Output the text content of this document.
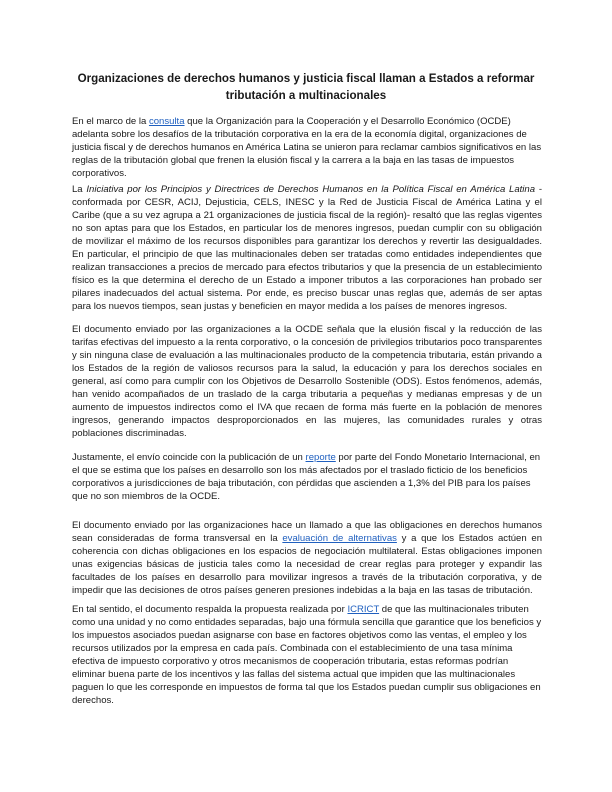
Organizaciones de derechos humanos y justicia fiscal llaman a Estados a reformar tributación a multinacionales

En el marco de la consulta que la Organización para la Cooperación y el Desarrollo Económico (OCDE) adelanta sobre los desafíos de la tributación corporativa en la era de la economía digital, organizaciones de justicia fiscal y de derechos humanos en América Latina se unieron para reclamar cambios significativos en las reglas de la tributación global que frenen la elusión fiscal y la carrera a la baja en las tasas de impuestos corporativos.

La Iniciativa por los Principios y Directrices de Derechos Humanos en la Política Fiscal en América Latina - conformada por CESR, ACIJ, Dejusticia, CELS, INESC y la Red de Justicia Fiscal de América Latina y el Caribe (que a su vez agrupa a 21 organizaciones de justicia fiscal de la región)- resaltó que las reglas vigentes no son aptas para que los Estados, en particular los de menores ingresos, puedan cumplir con su obligación de movilizar el máximo de los recursos disponibles para garantizar los derechos y revertir las desigualdades. En particular, el principio de que las multinacionales deben ser tratadas como entidades independientes que realizan transacciones a precios de mercado para efectos tributarios y que la presencia de un establecimiento físico es la que determina el derecho de un Estado a imponer tributos a las corporaciones han probado ser pilares inadecuados del actual sistema. Por ende, es preciso buscar unas reglas que, además de ser aptas para los nuevos tiempos, sean justas y beneficien en mayor medida a los países de menores ingresos.

El documento enviado por las organizaciones a la OCDE señala que la elusión fiscal y la reducción de las tarifas efectivas del impuesto a la renta corporativo, o la concesión de privilegios tributarios poco transparentes y sin ninguna clase de evaluación a las multinacionales producto de la competencia tributaria, están privando a los Estados de la región de valiosos recursos para la salud, la educación y para los derechos sociales en general, así como para cumplir con los Objetivos de Desarrollo Sostenible (ODS). Estos fenómenos, además, han venido acompañados de un traslado de la carga tributaria a pequeñas y medianas empresas y de un aumento de impuestos indirectos como el IVA que recaen de forma más fuerte en la población de menores ingresos, generando impactos desproporcionados en las mujeres, las comunidades rurales y otras poblaciones discriminadas.

Justamente, el envío coincide con la publicación de un reporte por parte del Fondo Monetario Internacional, en el que se estima que los países en desarrollo son los más afectados por el traslado ficticio de los beneficios corporativos a jurisdicciones de baja tributación, con pérdidas que ascienden a 1,3% del PIB para los países que no son miembros de la OCDE.

El documento enviado por las organizaciones hace un llamado a que las obligaciones en derechos humanos sean consideradas de forma transversal en la evaluación de alternativas y a que los Estados actúen en coherencia con dichas obligaciones en los espacios de negociación multilateral. Estas obligaciones imponen unas exigencias básicas de justicia tales como la necesidad de crear reglas para proteger y expandir las facultades de los países en desarrollo para movilizar ingresos a través de la tributación corporativa, y de impedir que las decisiones de otros países generen presiones indebidas a la baja en las tasas de tributación.

En tal sentido, el documento respalda la propuesta realizada por ICRICT de que las multinacionales tributen como una unidad y no como entidades separadas, bajo una fórmula sencilla que garantice que los beneficios y los impuestos asociados puedan asignarse con base en factores objetivos como las ventas, el empleo y los recursos utilizados por la empresa en cada país. Combinada con el establecimiento de una tasa mínima efectiva de impuesto corporativo y otros mecanismos de cooperación tributaria, estas reformas podrían eliminar buena parte de los incentivos y las fallas del sistema actual que impiden que las multinacionales paguen lo que les corresponde en impuestos de forma tal que los Estados puedan cumplir sus obligaciones en derechos.
